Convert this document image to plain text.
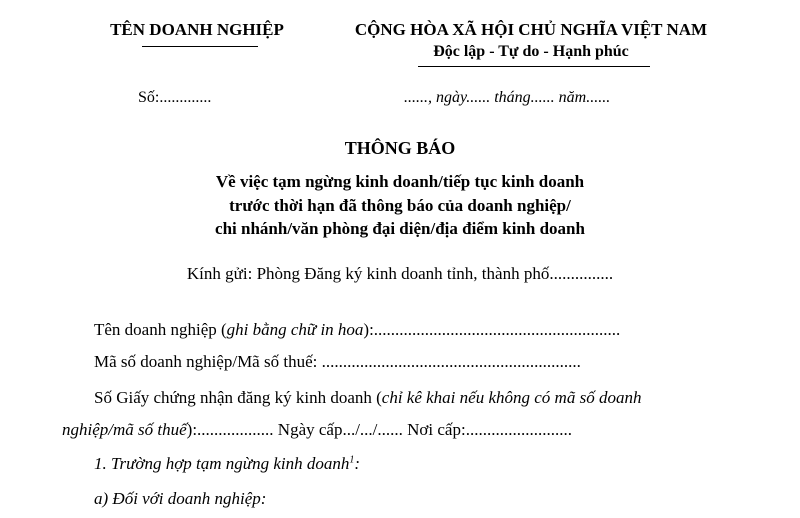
TÊN DOANH NGHIỆP	CỘNG HÒA XÃ HỘI CHỦ NGHĨA VIỆT NAM
Độc lập - Tự do - Hạnh phúc
Số:.............	......, ngày...... tháng...... năm......
THÔNG BÁO
Về việc tạm ngừng kinh doanh/tiếp tục kinh doanh
trước thời hạn đã thông báo của doanh nghiệp/
chi nhánh/văn phòng đại diện/địa điểm kinh doanh
Kính gửi: Phòng Đăng ký kinh doanh tỉnh, thành phố...............
Tên doanh nghiệp (ghi bằng chữ in hoa):..........................................................
Mã số doanh nghiệp/Mã số thuế: .............................................................
Số Giấy chứng nhận đăng ký kinh doanh (chỉ kê khai nếu không có mã số doanh
nghiệp/mã số thuế):.................. Ngày cấp.../.../...... Nơi cấp:.........................
1. Trường hợp tạm ngừng kinh doanh$^1$:
a) Đối với doanh nghiệp:
